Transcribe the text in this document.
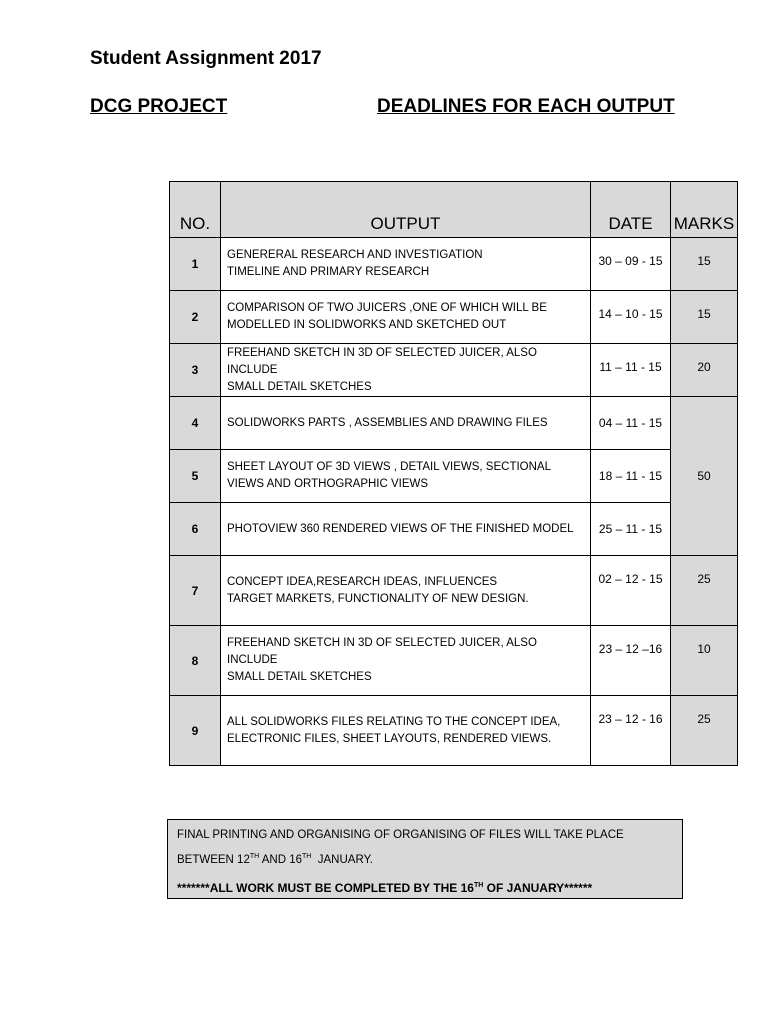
Student Assignment 2017
DCG PROJECT	DEADLINES FOR EACH OUTPUT
NO.	OUTPUT	DATE	MARKS
1	GENERERAL RESEARCH AND INVESTIGATION
TIMELINE AND PRIMARY RESEARCH	30 – 09 - 15	15
2	COMPARISON OF TWO JUICERS ,ONE OF WHICH WILL BE
MODELLED IN SOLIDWORKS AND SKETCHED OUT	14 – 10 - 15	15
3	FREEHAND SKETCH IN 3D OF SELECTED JUICER, ALSO INCLUDE
SMALL DETAIL SKETCHES	11 – 11 - 15	20
4	SOLIDWORKS PARTS , ASSEMBLIES AND DRAWING FILES	04 – 11 - 15	50
5	SHEET LAYOUT OF 3D VIEWS , DETAIL VIEWS, SECTIONAL
VIEWS AND ORTHOGRAPHIC VIEWS	18 – 11 - 15	
6	PHOTOVIEW 360 RENDERED VIEWS OF THE FINISHED MODEL	25 – 11 - 15	
7	CONCEPT IDEA,RESEARCH IDEAS, INFLUENCES
TARGET MARKETS, FUNCTIONALITY OF NEW DESIGN.	02 – 12 - 15	25
8	FREEHAND SKETCH IN 3D OF SELECTED JUICER, ALSO INCLUDE
SMALL DETAIL SKETCHES	23 – 12 –16	10
9	ALL SOLIDWORKS FILES RELATING TO THE CONCEPT IDEA,
ELECTRONIC FILES, SHEET LAYOUTS, RENDERED VIEWS.	23 – 12 - 16	25

FINAL PRINTING AND ORGANISING OF ORGANISING OF FILES WILL TAKE PLACE

BETWEEN 12TH AND 16TH  JANUARY.

*******ALL WORK MUST BE COMPLETED BY THE 16TH OF JANUARY******
